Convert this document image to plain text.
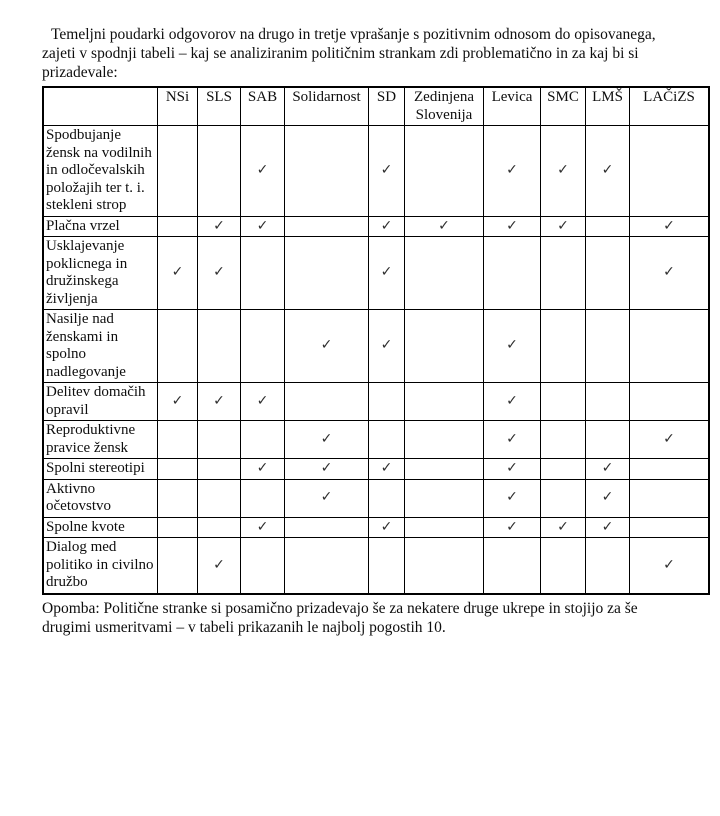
Temeljni poudarki odgovorov na drugo in tretje vprašanje s pozitivnim odnosom do opisovanega, zajeti v spodnji tabeli – kaj se analiziranim političnim strankam zdi problematično in za kaj bi si prizadevale:

	NSi	SLS	SAB	Solidarnost	SD	Zedinjena Slovenija	Levica	SMC	LMŠ	LAČiZS
Spodbujanje žensk na vodilnih in odločevalskih položajih ter t. i. stekleni strop			✓		✓		✓	✓	✓	
Plačna vrzel		✓	✓		✓	✓	✓	✓		✓
Usklajevanje poklicnega in družinskega življenja	✓	✓			✓					✓
Nasilje nad ženskami in spolno nadlegovanje				✓	✓		✓			
Delitev domačih opravil	✓	✓	✓				✓			
Reproduktivne pravice žensk				✓			✓			✓
Spolni stereotipi			✓	✓	✓		✓		✓	
Aktivno očetovstvo				✓			✓		✓	
Spolne kvote			✓		✓		✓	✓	✓	
Dialog med politiko in civilno družbo		✓								✓

Opomba: Politične stranke si posamično prizadevajo še za nekatere druge ukrepe in stojijo za še drugimi usmeritvami – v tabeli prikazanih le najbolj pogostih 10.
